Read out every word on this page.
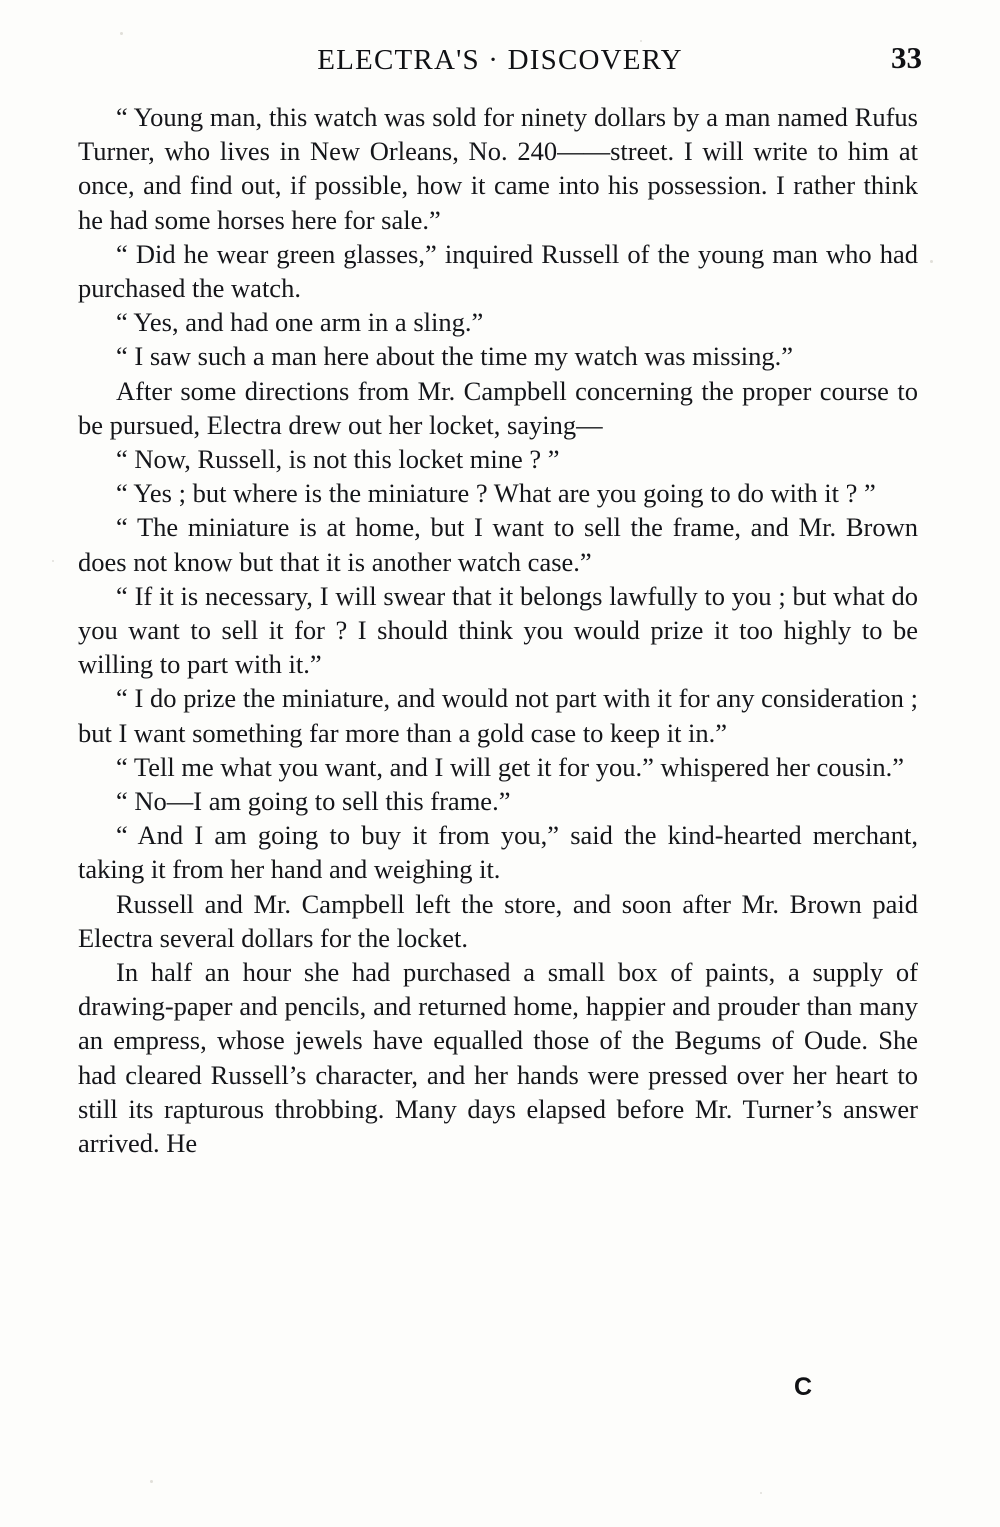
ELECTRA'S · DISCOVERY	33

“ Young man, this watch was sold for ninety dollars by a man named Rufus Turner, who lives in New Orleans, No. 240——street. I will write to him at once, and find out, if possible, how it came into his possession. I rather think he had some horses here for sale.”

“ Did he wear green glasses,” inquired Russell of the young man who had purchased the watch.

“ Yes, and had one arm in a sling.”

“ I saw such a man here about the time my watch was missing.”

After some directions from Mr. Campbell concerning the proper course to be pursued, Electra drew out her locket, saying—

“ Now, Russell, is not this locket mine ? ”

“ Yes ; but where is the miniature ? What are you going to do with it ? ”

“ The miniature is at home, but I want to sell the frame, and Mr. Brown does not know but that it is another watch case.”

“ If it is necessary, I will swear that it belongs lawfully to you ; but what do you want to sell it for ? I should think you would prize it too highly to be willing to part with it.”

“ I do prize the miniature, and would not part with it for any consideration ; but I want something far more than a gold case to keep it in.”

“ Tell me what you want, and I will get it for you.” whispered her cousin.”

“ No—I am going to sell this frame.”

“ And I am going to buy it from you,” said the kind-hearted merchant, taking it from her hand and weighing it.

Russell and Mr. Campbell left the store, and soon after Mr. Brown paid Electra several dollars for the locket.

In half an hour she had purchased a small box of paints, a supply of drawing-paper and pencils, and returned home, happier and prouder than many an empress, whose jewels have equalled those of the Begums of Oude. She had cleared Russell’s character, and her hands were pressed over her heart to still its rapturous throbbing. Many days elapsed before Mr. Turner’s answer arrived. He

C
